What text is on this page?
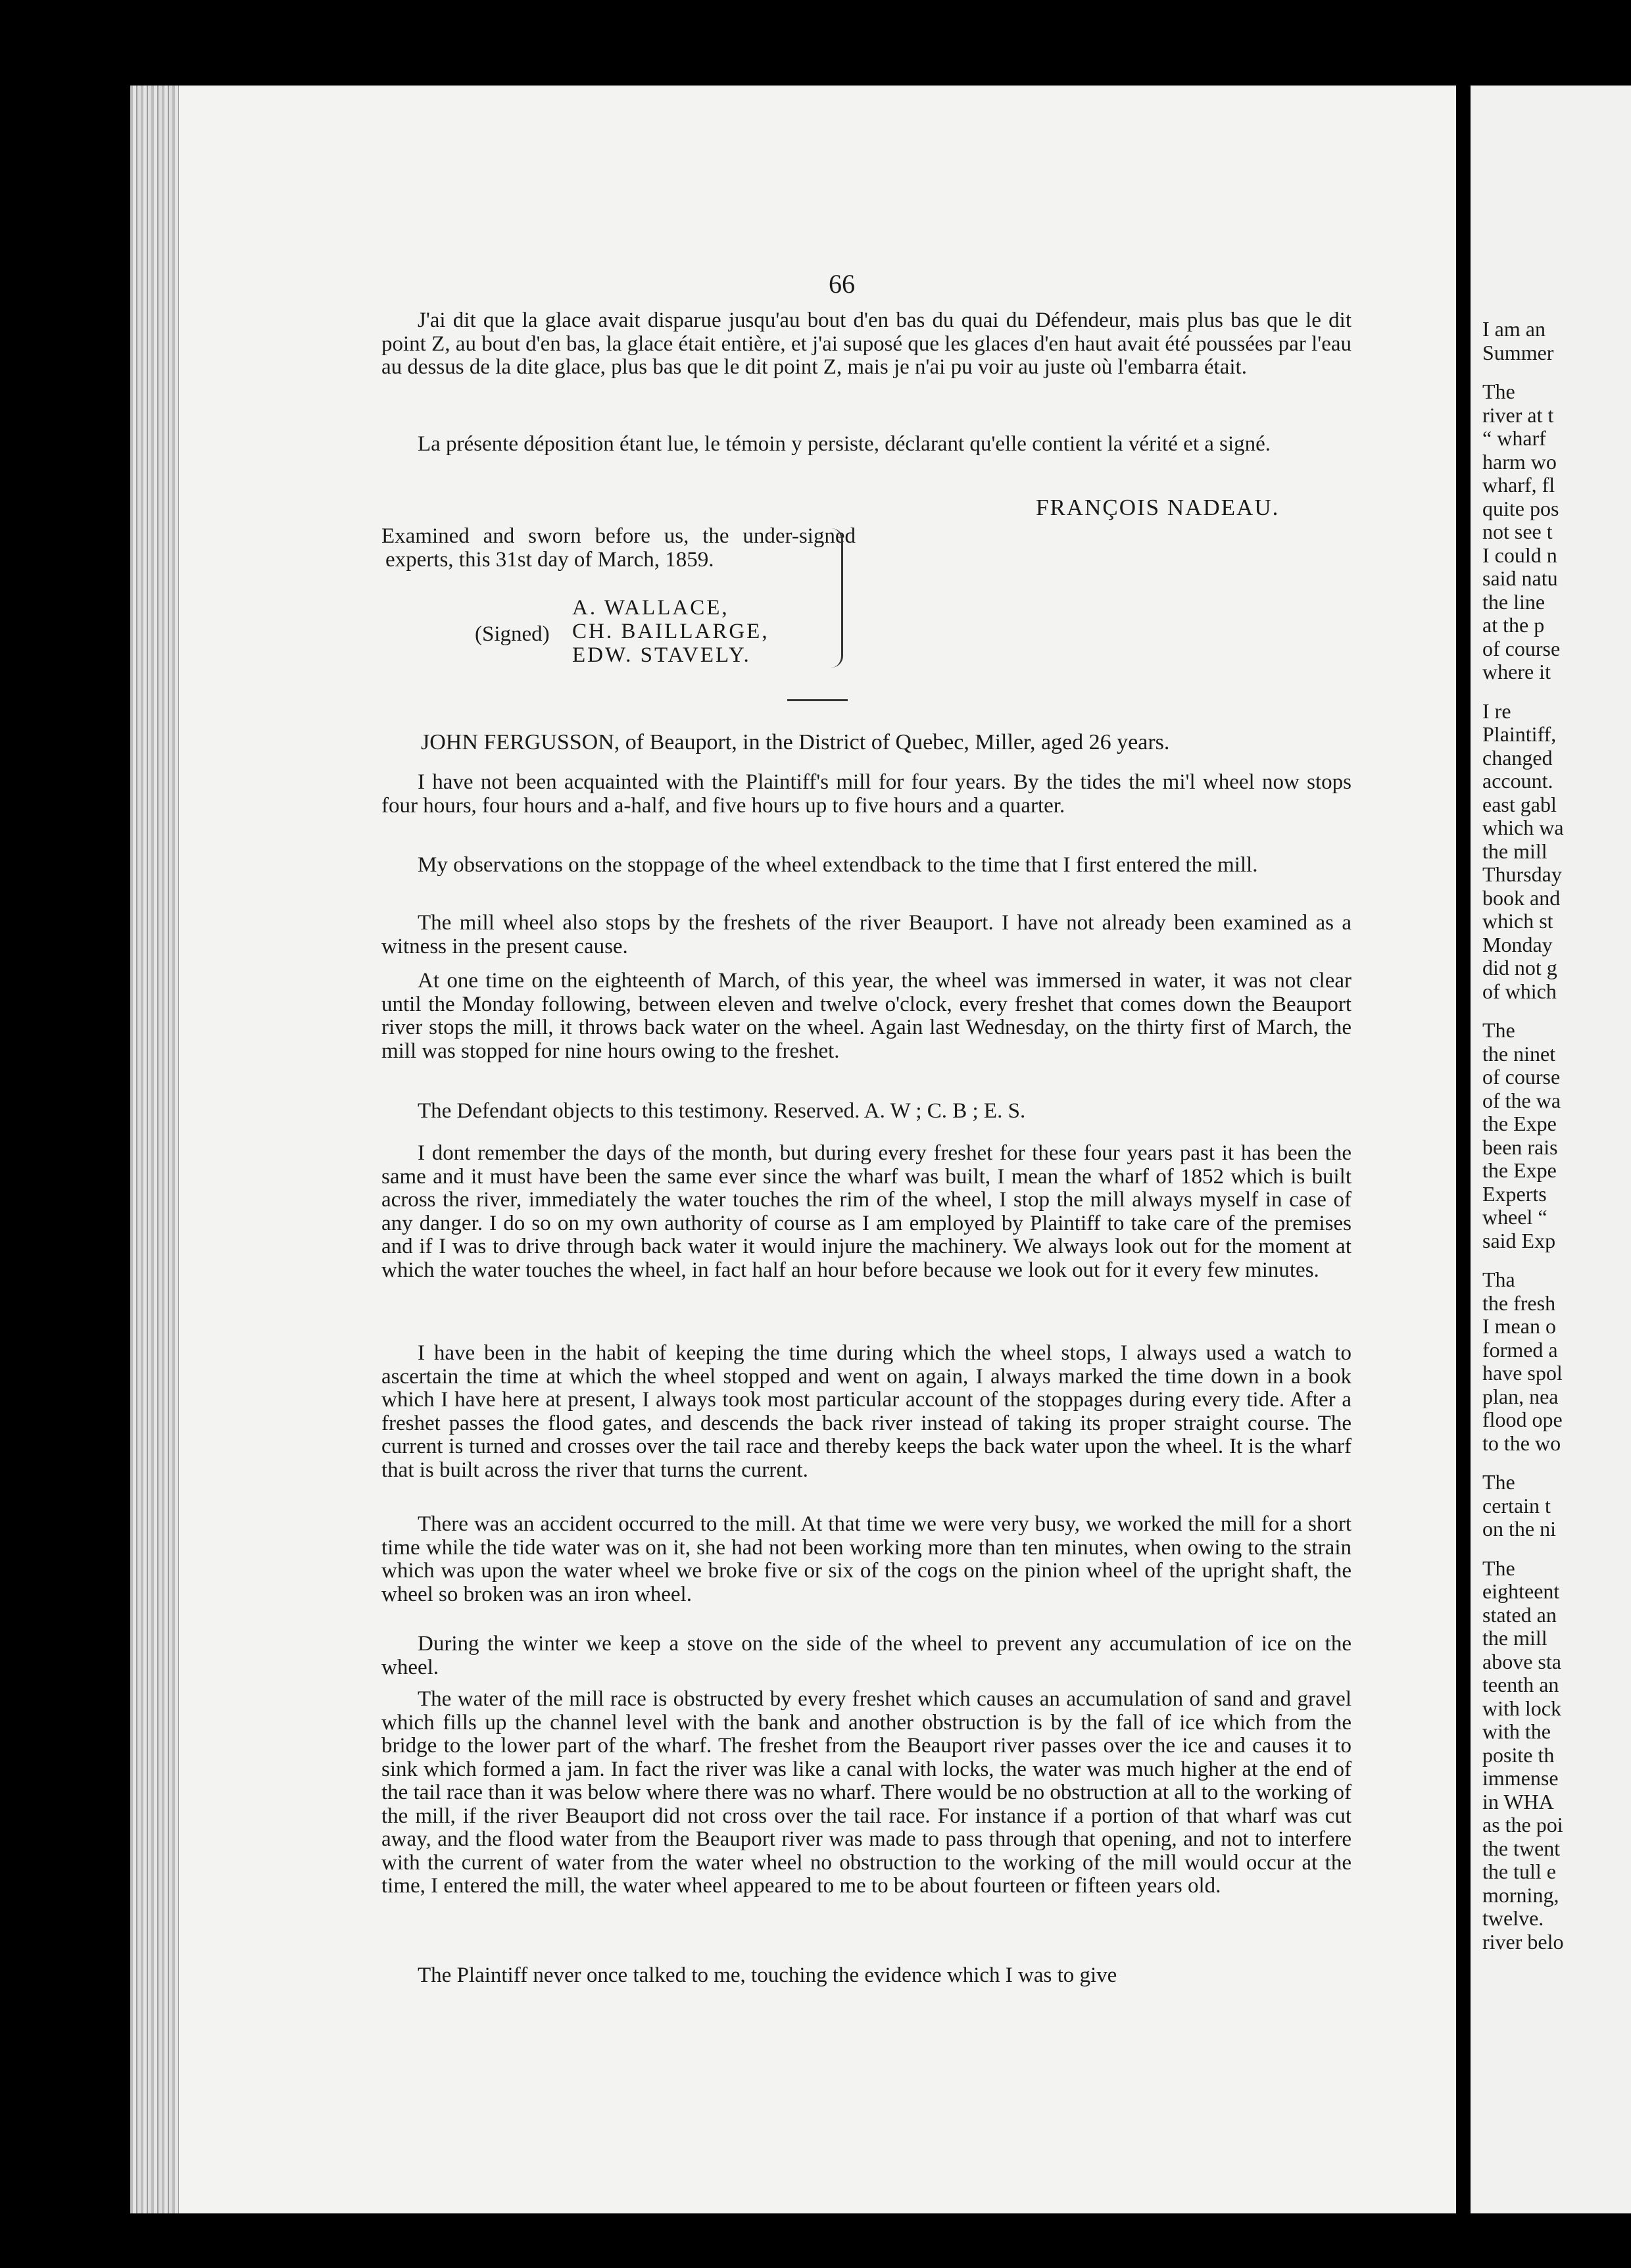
66

J'ai dit que la glace avait disparue jusqu'au bout d'en bas du quai du Défendeur, mais plus bas que le dit point Z, au bout d'en bas, la glace était entière, et j'ai suposé que les glaces d'en haut avait été poussées par l'eau au dessus de la dite glace, plus bas que le dit point Z, mais je n'ai pu voir au juste où l'embarra était.

La présente déposition étant lue, le témoin y persiste, déclarant qu'elle contient la vérité et a signé.

FRANÇOIS NADEAU.

Examined and sworn before us, the under-signed experts, this 31st day of March, 1859.

(Signed)
A. WALLACE,
CH. BAILLARGE,
EDW. STAVELY.
JOHN FERGUSSON, of Beauport, in the District of Quebec, Miller, aged 26 years.

I have not been acquainted with the Plaintiff's mill for four years. By the tides the mi'l wheel now stops four hours, four hours and a-half, and five hours up to five hours and a quarter.

My observations on the stoppage of the wheel extendback to the time that I first entered the mill.

The mill wheel also stops by the freshets of the river Beauport. I have not already been examined as a witness in the present cause.

At one time on the eighteenth of March, of this year, the wheel was immersed in water, it was not clear until the Monday following, between eleven and twelve o'clock, every freshet that comes down the Beauport river stops the mill, it throws back water on the wheel. Again last Wednesday, on the thirty first of March, the mill was stopped for nine hours owing to the freshet.

The Defendant objects to this testimony. Reserved. A. W ; C. B ; E. S.

I dont remember the days of the month, but during every freshet for these four years past it has been the same and it must have been the same ever since the wharf was built, I mean the wharf of 1852 which is built across the river, immediately the water touches the rim of the wheel, I stop the mill always myself in case of any danger. I do so on my own authority of course as I am employed by Plaintiff to take care of the premises and if I was to drive through back water it would injure the machinery. We always look out for the moment at which the water touches the wheel, in fact half an hour before because we look out for it every few minutes.

I have been in the habit of keeping the time during which the wheel stops, I always used a watch to ascertain the time at which the wheel stopped and went on again, I always marked the time down in a book which I have here at present, I always took most particular account of the stoppages during every tide. After a freshet passes the flood gates, and descends the back river instead of taking its proper straight course. The current is turned and crosses over the tail race and thereby keeps the back water upon the wheel. It is the wharf that is built across the river that turns the current.

There was an accident occurred to the mill. At that time we were very busy, we worked the mill for a short time while the tide water was on it, she had not been working more than ten minutes, when owing to the strain which was upon the water wheel we broke five or six of the cogs on the pinion wheel of the upright shaft, the wheel so broken was an iron wheel.

During the winter we keep a stove on the side of the wheel to prevent any accumulation of ice on the wheel.

The water of the mill race is obstructed by every freshet which causes an accumulation of sand and gravel which fills up the channel level with the bank and another obstruction is by the fall of ice which from the bridge to the lower part of the wharf. The freshet from the Beauport river passes over the ice and causes it to sink which formed a jam. In fact the river was like a canal with locks, the water was much higher at the end of the tail race than it was below where there was no wharf. There would be no obstruction at all to the working of the mill, if the river Beauport did not cross over the tail race. For instance if a portion of that wharf was cut away, and the flood water from the Beauport river was made to pass through that opening, and not to interfere with the current of water from the water wheel no obstruction to the working of the mill would occur at the time, I entered the mill, the water wheel appeared to me to be about fourteen or fifteen years old.

The Plaintiff never once talked to me, touching the evidence which I was to give

I am an
Summer
The
river at t
“ wharf
harm wo
wharf, fl
quite pos
not see t
I could n
said natu
the line
at the p
of course
where it
I re
Plaintiff,
changed
account.
east gabl
which wa
the mill
Thursday
book and
which st
Monday
did not g
of which
The
the ninet
of course
of the wa
the Expe
been rais
the Expe
Experts
wheel “
said Exp
Tha
the fresh
I mean o
formed a
have spol
plan, nea
flood ope
to the wo
The
certain t
on the ni
The
eighteent
stated an
the mill
above sta
teenth an
with lock
with the
posite th
immense
in WHA
as the poi
the twent
the tull e
morning,
twelve.
river belo
